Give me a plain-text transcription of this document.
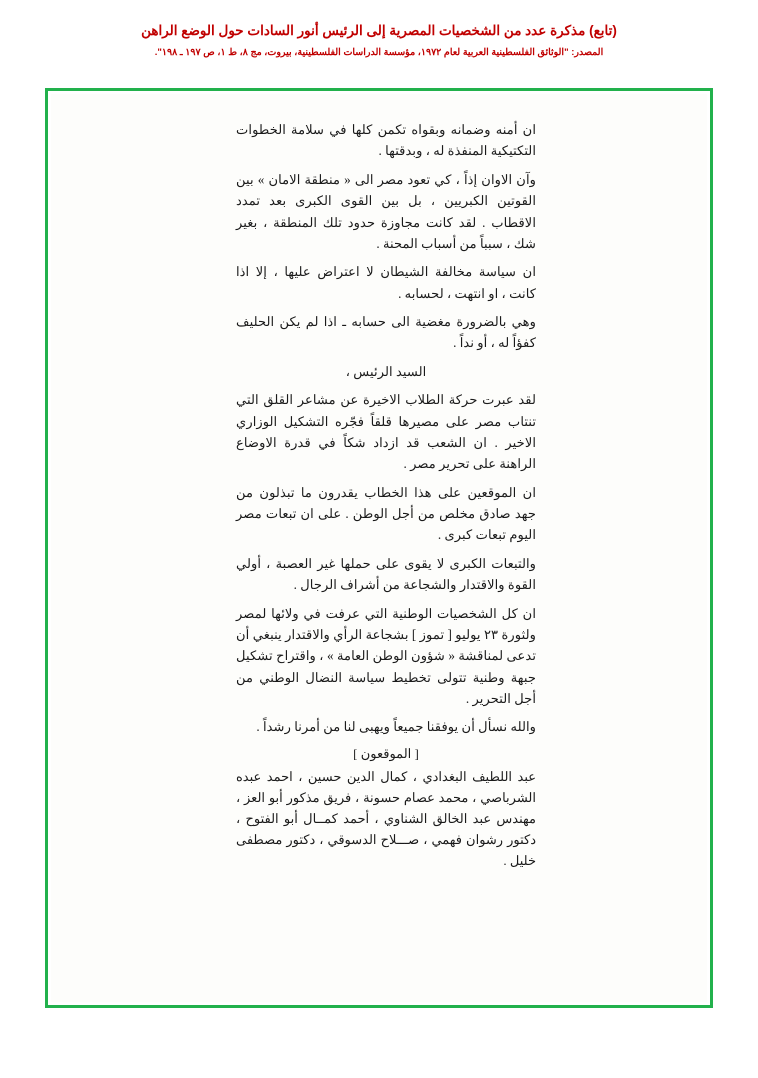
(تابع) مذكرة عدد من الشخصيات المصرية إلى الرئيس أنور السادات حول الوضع الراهن
المصدر: "الوثائق الفلسطينية العربية لعام ١٩٧٢، مؤسسة الدراسات الفلسطينية، بيروت، مج ٨، ط ١، ص ١٩٧ ـ ١٩٨".

ان أمنه وضمانه وبقواه تكمن كلها في سلامة الخطوات التكتيكية المنفذة له ، وبدقتها .

وآن الاوان إذاً ، كي تعود مصر الى « منطقة الامان » بين القوتين الكبريين ، بل بين القوى الكبرى بعد تمدد الاقطاب . لقد كانت مجاوزة حدود تلك المنطقة ، بغير شك ، سبباً من أسباب المحنة .

ان سياسة مخالفة الشيطان لا اعتراض عليها ، إلا اذا كانت ، او انتهت ، لحسابه .

وهي بالضرورة مغضية الى حسابه ـ اذا لم يكن الحليف كفؤاً له ، أو نداً .

السيد الرئيس ،

لقد عبرت حركة الطلاب الاخيرة عن مشاعر القلق التي تنتاب مصر على مصيرها قلقاً فجّره التشكيل الوزاري الاخير . ان الشعب قد ازداد شكاً في قدرة الاوضاع الراهنة على تحرير مصر .

ان الموقعين على هذا الخطاب يقدرون ما تبذلون من جهد صادق مخلص من أجل الوطن . على ان تبعات مصر اليوم تبعات كبرى .

والتبعات الكبرى لا يقوى على حملها غير العصبة ، أولي القوة والاقتدار والشجاعة من أشراف الرجال .

ان كل الشخصيات الوطنية التي عرفت في ولائها لمصر ولثورة ٢٣ يوليو [ تموز ] بشجاعة الرأي والاقتدار ينبغي أن تدعى لمناقشة « شؤون الوطن العامة » ، واقتراح تشكيل جبهة وطنية تتولى تخطيط سياسة النضال الوطني من أجل التحرير .

والله نسأل أن يوفقنا جميعاً ويهبى لنا من أمرنا رشداً .

[ الموقعون ]
عبد اللطيف البغدادي ، كمال الدين حسين ، احمد عبده الشرباصي ، محمد عصام حسونة ، فريق مذكور أبو العز ، مهندس عبد الخالق الشناوي ، أحمد كمــال أبو الفتوح ، دكتور رشوان فهمي ، صـــلاح الدسوقي ، دكتور مصطفى خليل .
